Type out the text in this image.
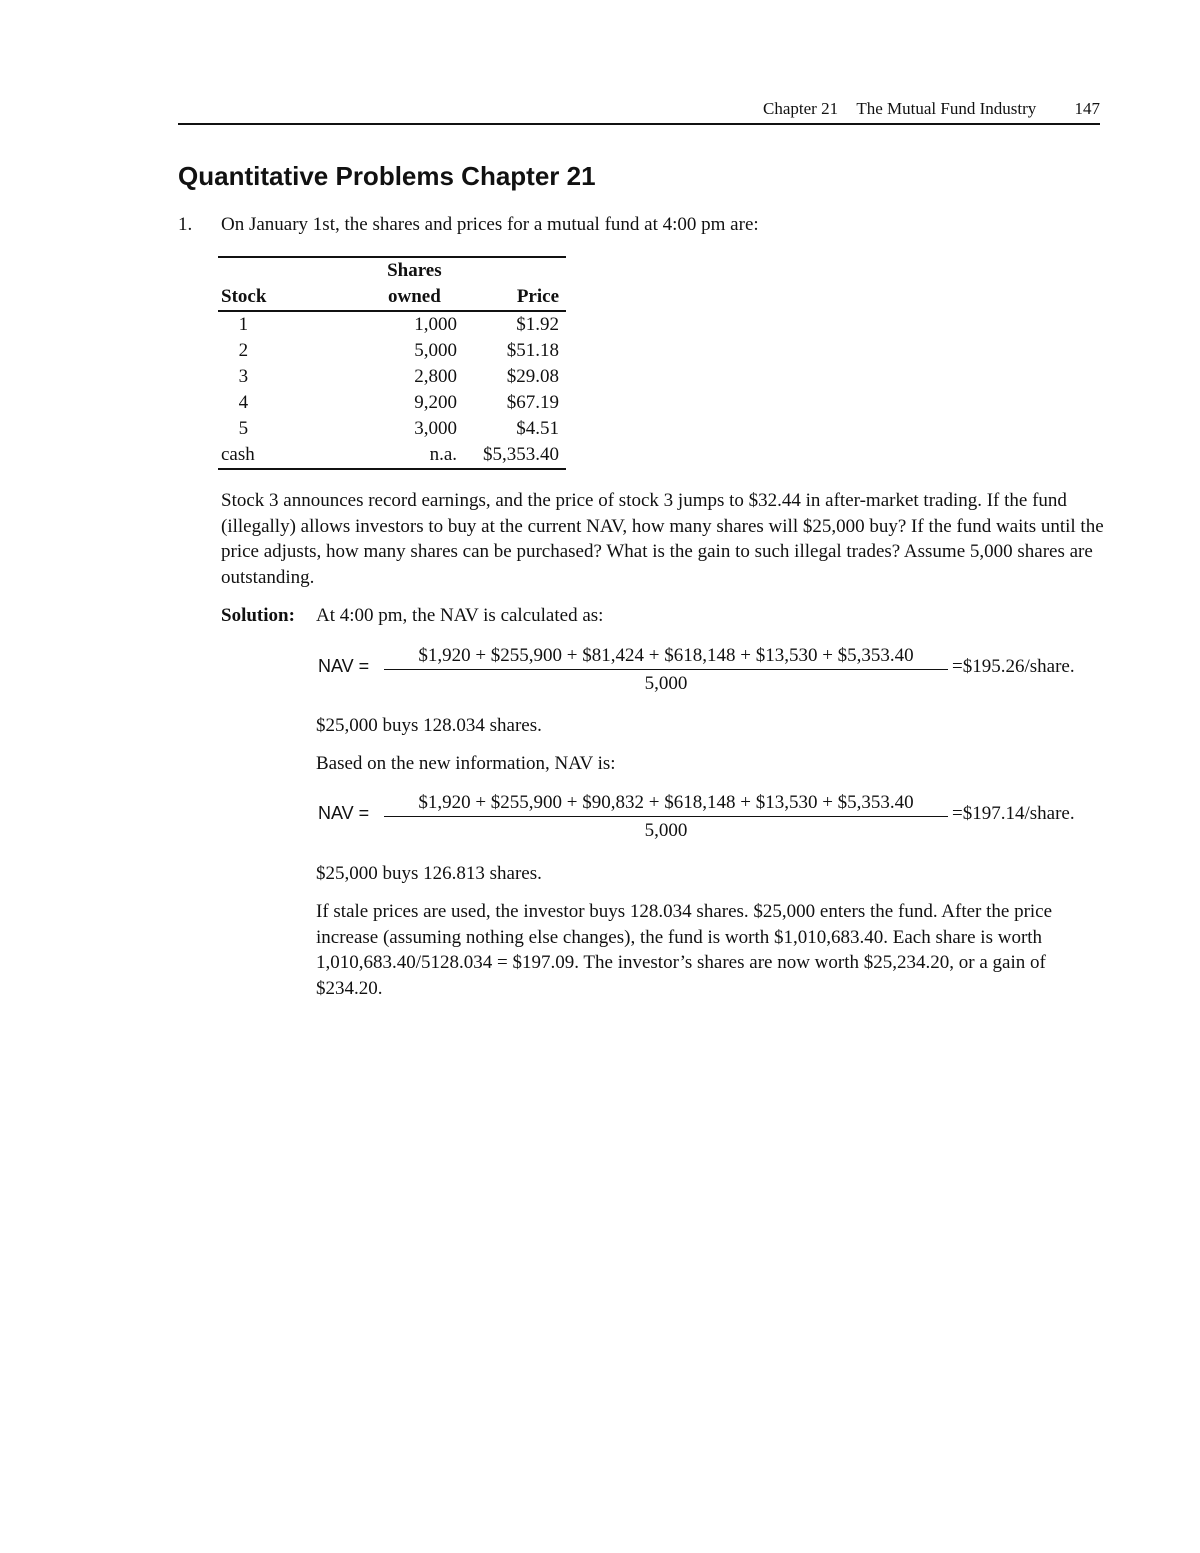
Chapter 21 The Mutual Fund Industry 147
Quantitative Problems Chapter 21
1. On January 1st, the shares and prices for a mutual fund at 4:00 pm are:
	Shares	
Stock	owned	Price
1	1,000	$1.92
2	5,000	$51.18
3	2,800	$29.08
4	9,200	$67.19
5	3,000	$4.51
cash	n.a.	$5,353.40

Stock 3 announces record earnings, and the price of stock 3 jumps to $32.44 in after-market trading. If the fund (illegally) allows investors to buy at the current NAV, how many shares will $25,000 buy? If the fund waits until the price adjusts, how many shares can be purchased? What is the gain to such illegal trades? Assume 5,000 shares are outstanding.

Solution: At 4:00 pm, the NAV is calculated as:
NAV =	$1,920 + $255,900 + $81,424 + $618,148 + $13,530 + $5,353.40
5,000
=$195.26/share.
$25,000 buys 128.034 shares.
Based on the new information, NAV is:
NAV =	$1,920 + $255,900 + $90,832 + $618,148 + $13,530 + $5,353.40
5,000
=$197.14/share.
$25,000 buys 126.813 shares.

If stale prices are used, the investor buys 128.034 shares. $25,000 enters the fund. After the price increase (assuming nothing else changes), the fund is worth $1,010,683.40. Each share is worth 1,010,683.40/5128.034 = $197.09. The investor’s shares are now worth $25,234.20, or a gain of $234.20.
